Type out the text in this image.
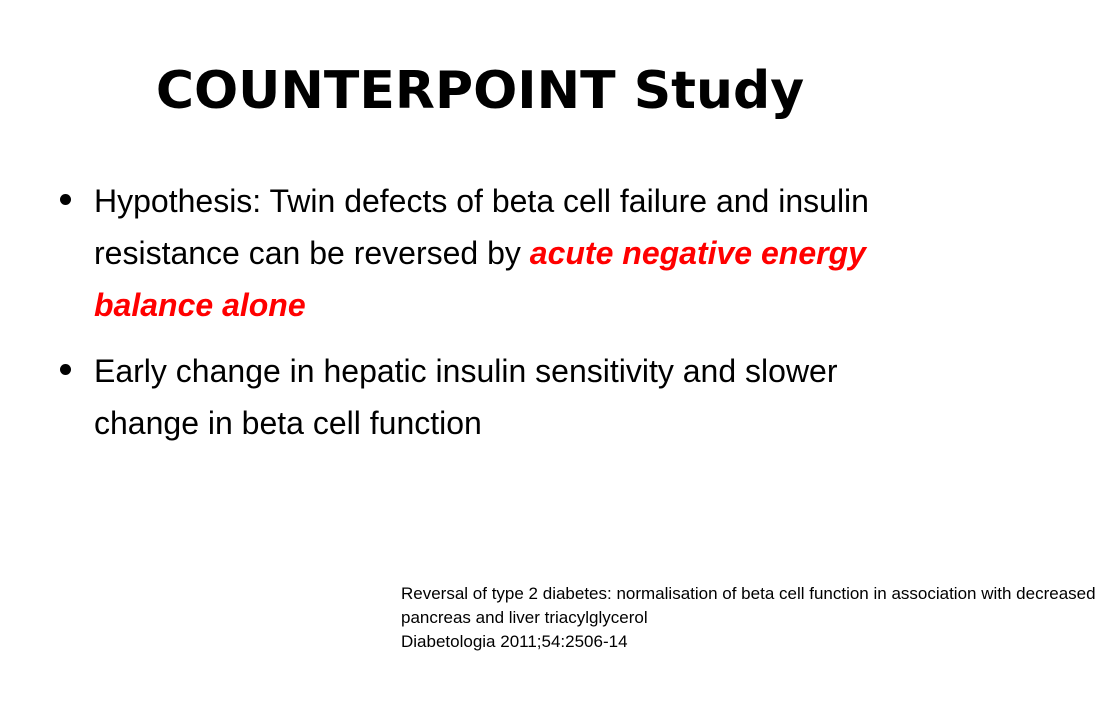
COUNTERPOINT Study
Hypothesis: Twin defects of beta cell failure and insulin resistance can be reversed by acute negative energy balance alone
Early change in hepatic insulin sensitivity and slower change in beta cell function
Reversal of type 2 diabetes: normalisation of beta cell function in association with decreased
pancreas and liver triacylglycerol
Diabetologia 2011;54:2506-14
